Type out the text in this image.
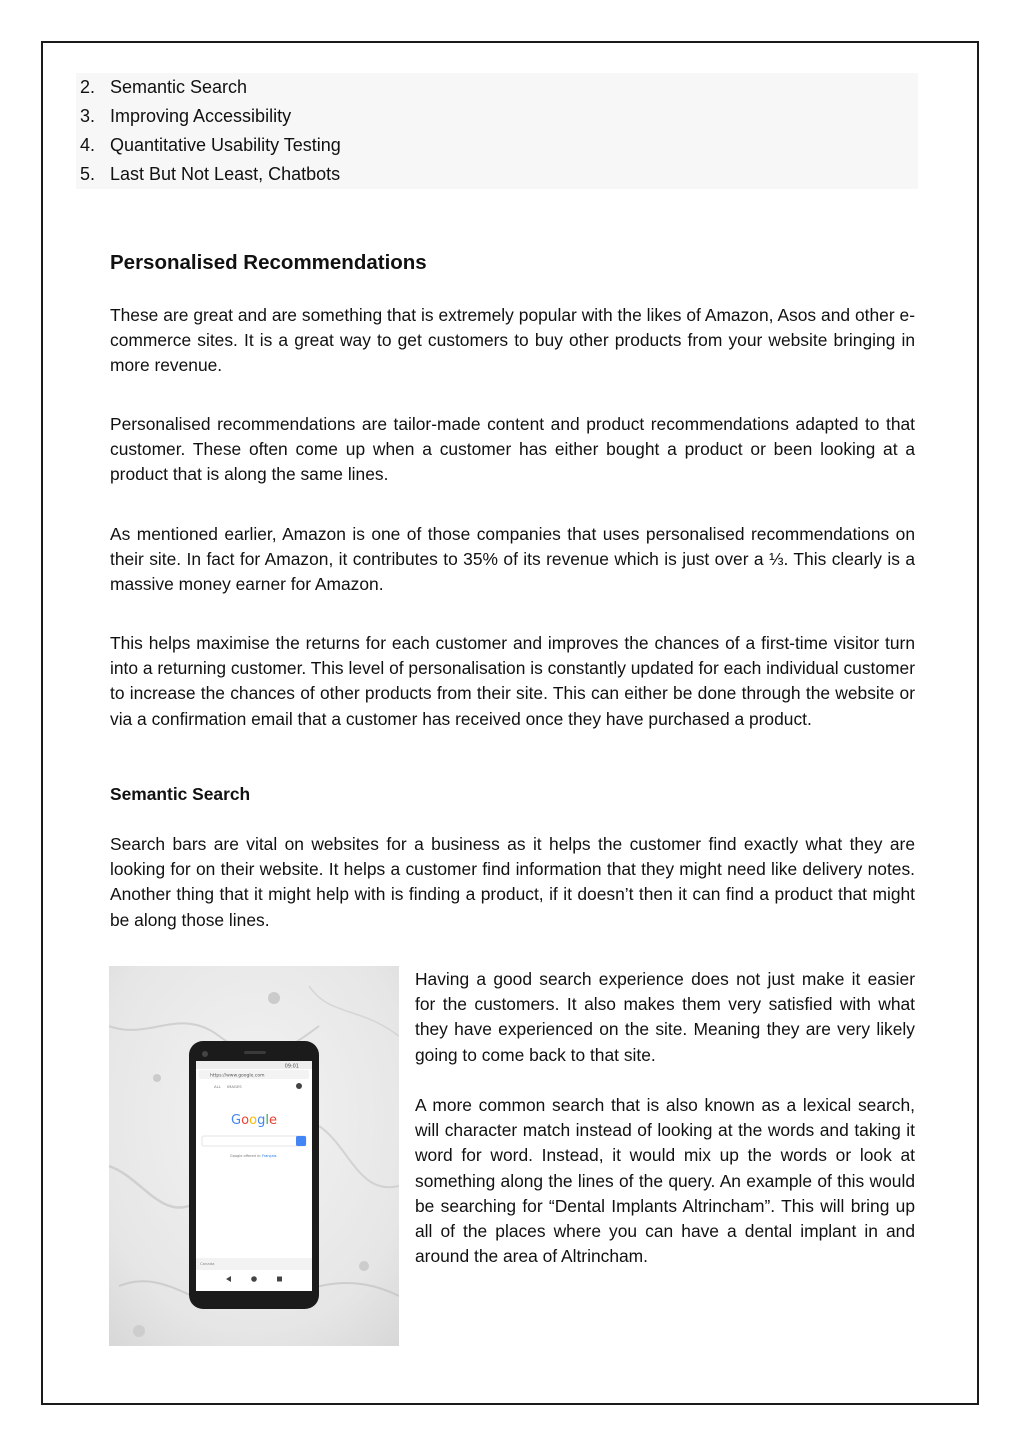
2. Semantic Search
3. Improving Accessibility
4. Quantitative Usability Testing
5. Last But Not Least, Chatbots
Personalised Recommendations

These are great and are something that is extremely popular with the likes of Amazon, Asos and other e-commerce sites. It is a great way to get customers to buy other products from your website bringing in more revenue.

Personalised recommendations are tailor-made content and product recommendations adapted to that customer. These often come up when a customer has either bought a product or been looking at a product that is along the same lines.

As mentioned earlier, Amazon is one of those companies that uses personalised recommendations on their site. In fact for Amazon, it contributes to 35% of its revenue which is just over a ⅓. This clearly is a massive money earner for Amazon.

This helps maximise the returns for each customer and improves the chances of a first-time visitor turn into a returning customer. This level of personalisation is constantly updated for each individual customer to increase the chances of other products from their site. This can either be done through the website or via a confirmation email that a customer has received once they have purchased a product.

Semantic Search

Search bars are vital on websites for a business as it helps the customer find exactly what they are looking for on their website. It helps a customer find information that they might need like delivery notes. Another thing that it might help with is finding a product, if it doesn’t then it can find a product that might be along those lines.

09:01
https://www.google.com
ALL IMAGES
Google
Google offered in: Français
Canada

Having a good search experience does not just make it easier for the customers. It also makes them very satisfied with what they have experienced on the site. Meaning they are very likely going to come back to that site.

A more common search that is also known as a lexical search, will character match instead of looking at the words and taking it word for word. Instead, it would mix up the words or look at something along the lines of the query. An example of this would be searching for “Dental Implants Altrincham”. This will bring up all of the places where you can have a dental implant in and around the area of Altrincham.
